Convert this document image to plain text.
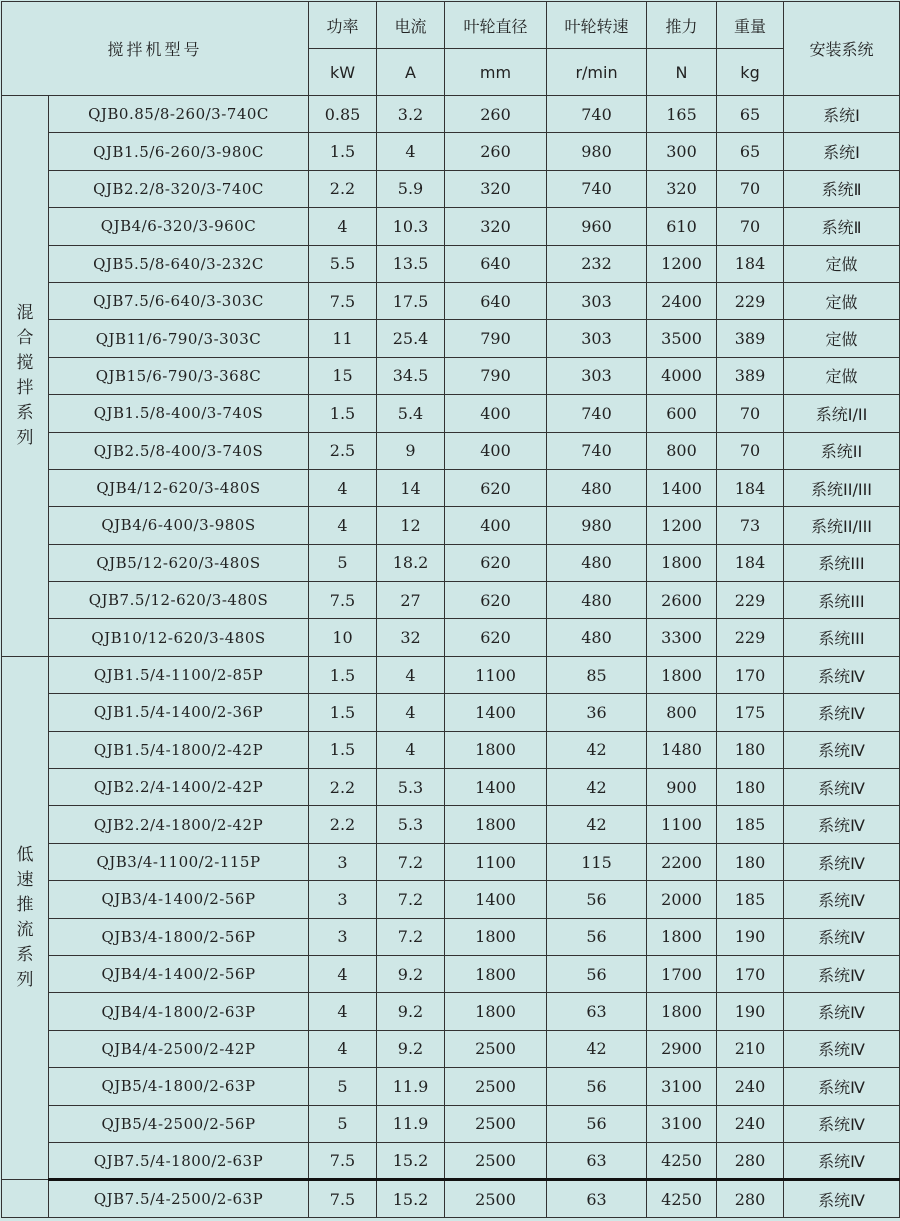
搅拌机型号		功率	电流	叶轮直径	叶轮转速	推力	重量	安装系统
		kW	A	mm	r/min	N	kg	
混合搅拌系列	QJB0.85/8-260/3-740C	0.85	3.2	260	740	165	65	系统Ⅰ
	QJB1.5/6-260/3-980C	1.5	4	260	980	300	65	系统Ⅰ
	QJB2.2/8-320/3-740C	2.2	5.9	320	740	320	70	系统Ⅱ
	QJB4/6-320/3-960C	4	10.3	320	960	610	70	系统Ⅱ
	QJB5.5/8-640/3-232C	5.5	13.5	640	232	1200	184	定做
	QJB7.5/6-640/3-303C	7.5	17.5	640	303	2400	229	定做
	QJB11/6-790/3-303C	11	25.4	790	303	3500	389	定做
	QJB15/6-790/3-368C	15	34.5	790	303	4000	389	定做
	QJB1.5/8-400/3-740S	1.5	5.4	400	740	600	70	系统I/II
	QJB2.5/8-400/3-740S	2.5	9	400	740	800	70	系统II
	QJB4/12-620/3-480S	4	14	620	480	1400	184	系统II/III
	QJB4/6-400/3-980S	4	12	400	980	1200	73	系统II/III
	QJB5/12-620/3-480S	5	18.2	620	480	1800	184	系统III
	QJB7.5/12-620/3-480S	7.5	27	620	480	2600	229	系统III
	QJB10/12-620/3-480S	10	32	620	480	3300	229	系统III
低速推流系列	QJB1.5/4-1100/2-85P	1.5	4	1100	85	1800	170	系统Ⅳ
	QJB1.5/4-1400/2-36P	1.5	4	1400	36	800	175	系统Ⅳ
	QJB1.5/4-1800/2-42P	1.5	4	1800	42	1480	180	系统Ⅳ
	QJB2.2/4-1400/2-42P	2.2	5.3	1400	42	900	180	系统Ⅳ
	QJB2.2/4-1800/2-42P	2.2	5.3	1800	42	1100	185	系统Ⅳ
	QJB3/4-1100/2-115P	3	7.2	1100	115	2200	180	系统Ⅳ
	QJB3/4-1400/2-56P	3	7.2	1400	56	2000	185	系统Ⅳ
	QJB3/4-1800/2-56P	3	7.2	1800	56	1800	190	系统Ⅳ
	QJB4/4-1400/2-56P	4	9.2	1800	56	1700	170	系统Ⅳ
	QJB4/4-1800/2-63P	4	9.2	1800	63	1800	190	系统Ⅳ
	QJB4/4-2500/2-42P	4	9.2	2500	42	2900	210	系统Ⅳ
	QJB5/4-1800/2-63P	5	11.9	2500	56	3100	240	系统Ⅳ
	QJB5/4-2500/2-56P	5	11.9	2500	56	3100	240	系统Ⅳ
	QJB7.5/4-1800/2-63P	7.5	15.2	2500	63	4250	280	系统Ⅳ
	QJB7.5/4-2500/2-63P	7.5	15.2	2500	63	4250	280	系统Ⅳ
